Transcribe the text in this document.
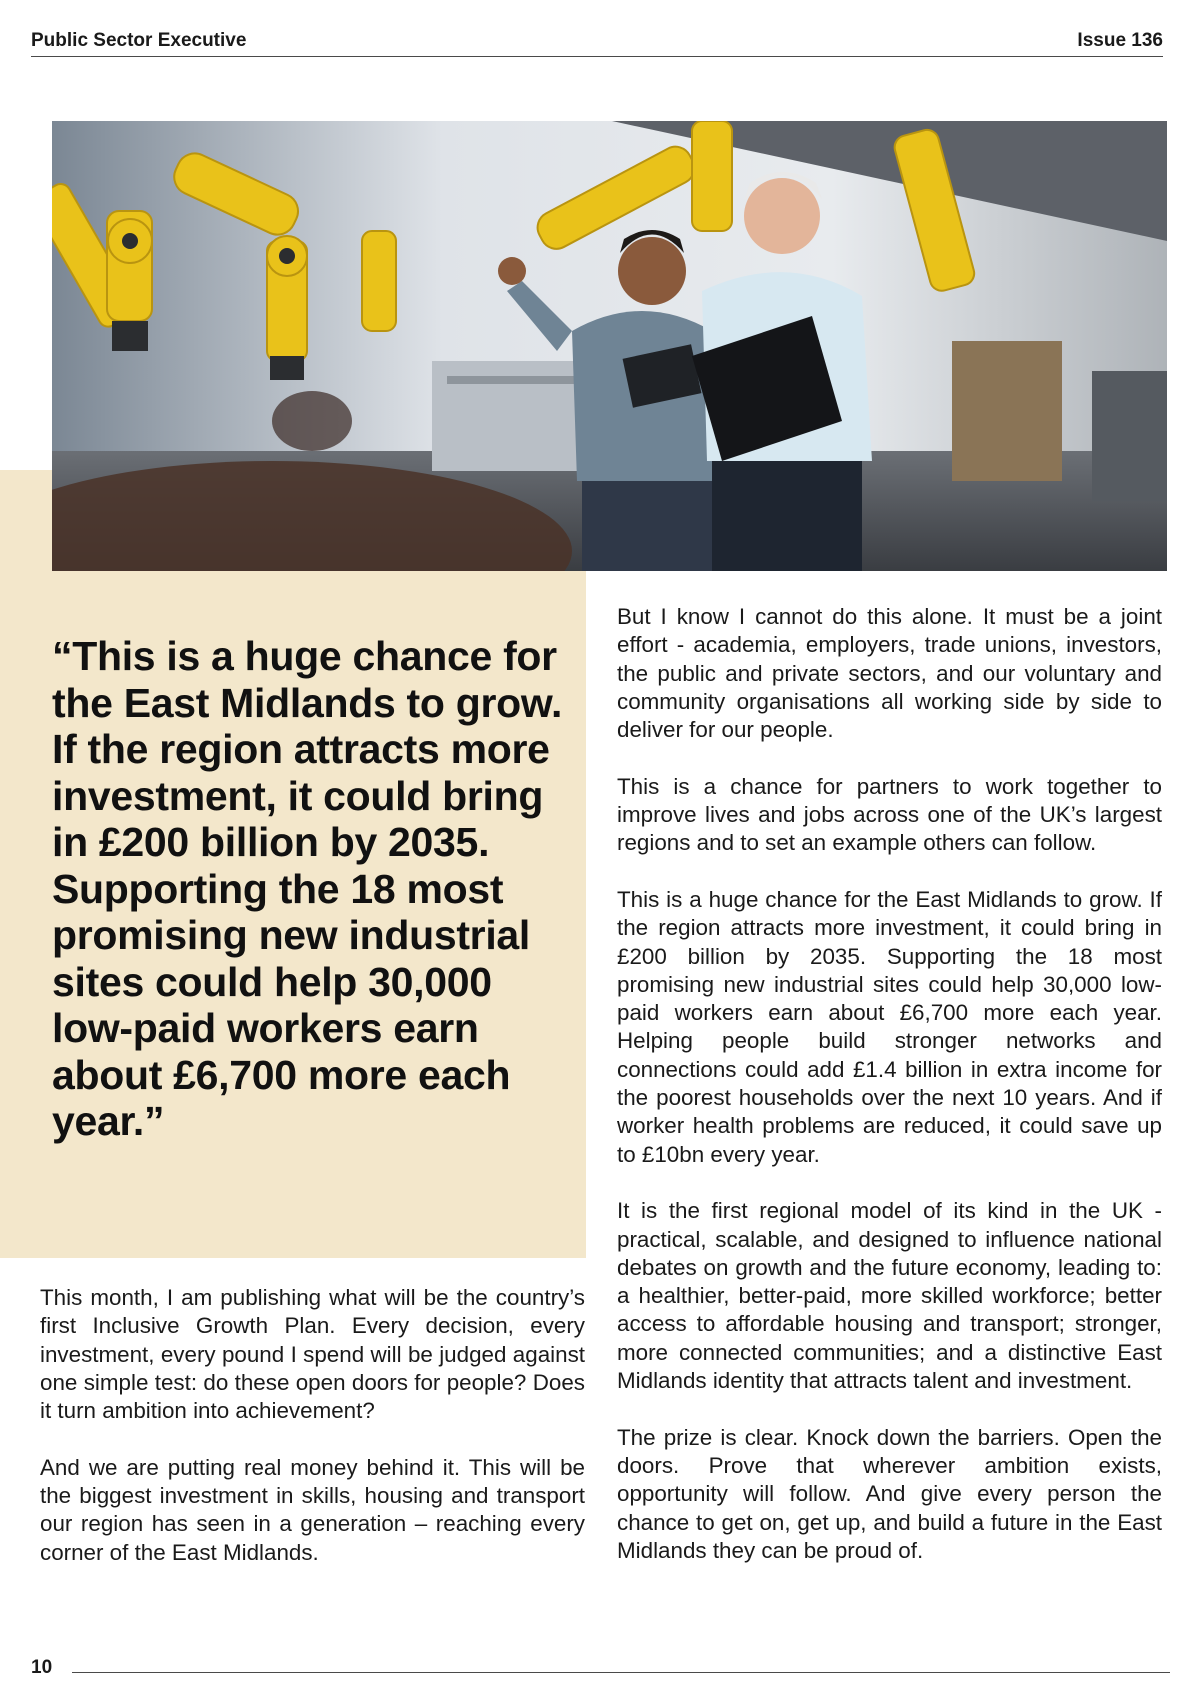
Public Sector Executive	Issue 136

“This is a huge chance for the East Midlands to grow. If the region attracts more investment, it could bring in £200 billion by 2035. Supporting the 18 most promising new industrial sites could help 30,000 low-paid workers earn about £6,700 more each year.”

This month, I am publishing what will be the country’s first Inclusive Growth Plan. Every decision, every investment, every pound I spend will be judged against one simple test: do these open doors for people? Does it turn ambition into achievement?

And we are putting real money behind it. This will be the biggest investment in skills, housing and transport our region has seen in a generation – reaching every corner of the East Midlands.

But I know I cannot do this alone. It must be a joint effort - academia, employers, trade unions, investors, the public and private sectors, and our voluntary and community organisations all working side by side to deliver for our people.

This is a chance for partners to work together to improve lives and jobs across one of the UK’s largest regions and to set an example others can follow.

This is a huge chance for the East Midlands to grow. If the region attracts more investment, it could bring in £200 billion by 2035. Supporting the 18 most promising new industrial sites could help 30,000 low-paid workers earn about £6,700 more each year. Helping people build stronger networks and connections could add £1.4 billion in extra income for the poorest households over the next 10 years. And if worker health problems are reduced, it could save up to £10bn every year.

It is the first regional model of its kind in the UK - practical, scalable, and designed to influence national debates on growth and the future economy, leading to: a healthier, better-paid, more skilled workforce; better access to affordable housing and transport; stronger, more connected communities; and a distinctive East Midlands identity that attracts talent and investment.

The prize is clear. Knock down the barriers. Open the doors. Prove that wherever ambition exists, opportunity will follow. And give every person the chance to get on, get up, and build a future in the East Midlands they can be proud of.

10
